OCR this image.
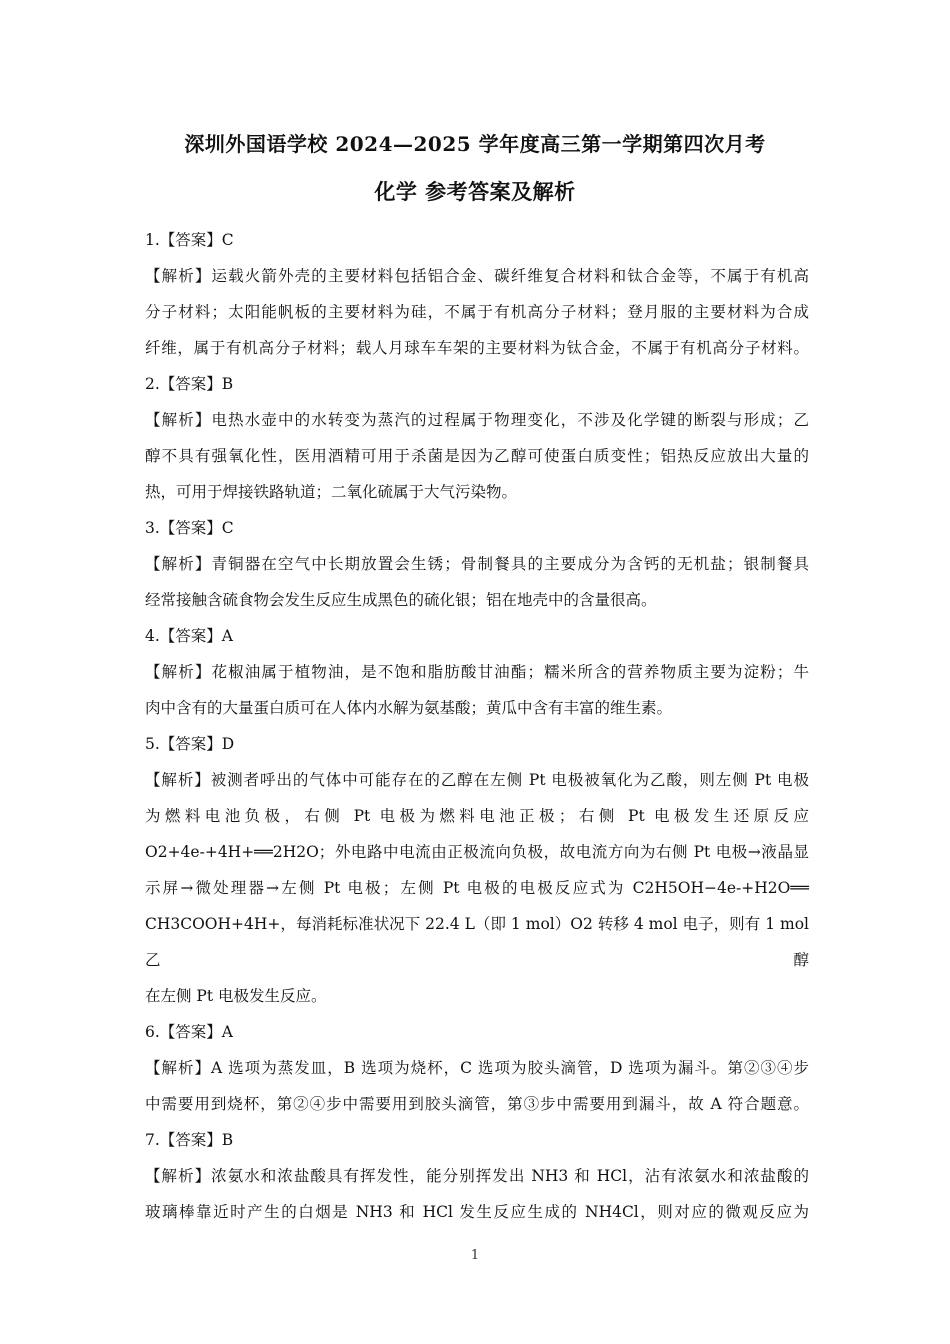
深圳外国语学校 2024—2025 学年度高三第一学期第四次月考
化学 参考答案及解析
1.【答案】C
【解析】运载火箭外壳的主要材料包括铝合金、碳纤维复合材料和钛合金等，不属于有机高
分子材料；太阳能帆板的主要材料为硅，不属于有机高分子材料；登月服的主要材料为合成
纤维，属于有机高分子材料；载人月球车车架的主要材料为钛合金，不属于有机高分子材料。
2.【答案】B
【解析】电热水壶中的水转变为蒸汽的过程属于物理变化，不涉及化学键的断裂与形成；乙
醇不具有强氧化性，医用酒精可用于杀菌是因为乙醇可使蛋白质变性；铝热反应放出大量的
热，可用于焊接铁路轨道；二氧化硫属于大气污染物。
3.【答案】C
【解析】青铜器在空气中长期放置会生锈；骨制餐具的主要成分为含钙的无机盐；银制餐具
经常接触含硫食物会发生反应生成黑色的硫化银；铝在地壳中的含量很高。
4.【答案】A
【解析】花椒油属于植物油，是不饱和脂肪酸甘油酯；糯米所含的营养物质主要为淀粉；牛
肉中含有的大量蛋白质可在人体内水解为氨基酸；黄瓜中含有丰富的维生素。
5.【答案】D
【解析】被测者呼出的气体中可能存在的乙醇在左侧 Pt 电极被氧化为乙酸，则左侧 Pt 电极
为燃料电池负极，右侧 Pt 电极为燃料电池正极；右侧 Pt 电极发生还原反应
O2+4e-+4H+══2H2O；外电路中电流由正极流向负极，故电流方向为右侧 Pt 电极→液晶显
示屏→微处理器→左侧 Pt 电极；左侧 Pt 电极的电极反应式为 C2H5OH−4e-+H2O══
CH3COOH+4H+，每消耗标准状况下 22.4 L（即 1 mol）O2 转移 4 mol 电子，则有 1 mol 乙醇
在左侧 Pt 电极发生反应。
6.【答案】A
【解析】A 选项为蒸发皿，B 选项为烧杯，C 选项为胶头滴管，D 选项为漏斗。第②③④步
中需要用到烧杯，第②④步中需要用到胶头滴管，第③步中需要用到漏斗，故 A 符合题意。
7.【答案】B
【解析】浓氨水和浓盐酸具有挥发性，能分别挥发出 NH3 和 HCl，沾有浓氨水和浓盐酸的
玻璃棒靠近时产生的白烟是 NH3 和 HCl 发生反应生成的 NH4Cl，则对应的微观反应为
1
